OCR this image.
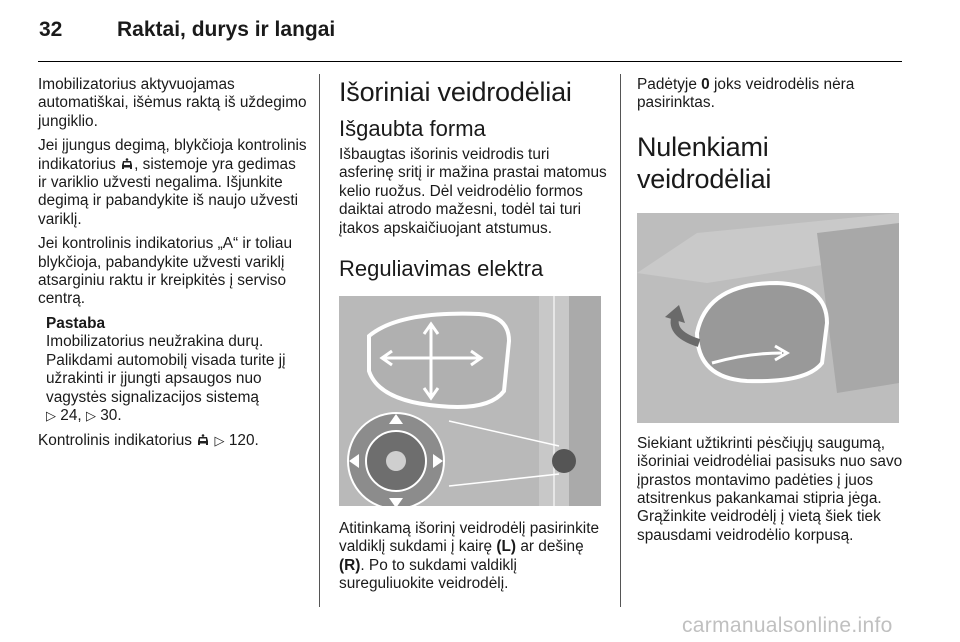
32	Raktai, durys ir langai

Imobilizatorius aktyvuojamas automatiškai, išėmus raktą iš uždegimo jungiklio.

Jei įjungus degimą, blykčioja kontrolinis indikatorius , sistemoje yra gedimas ir variklio užvesti negalima. Išjunkite degimą ir pabandykite iš naujo užvesti variklį.

Jei kontrolinis indikatorius „A“ ir toliau blykčioja, pabandykite užvesti variklį atsarginiu raktu ir kreipkitės į serviso centrą.

Pastaba

Imobilizatorius neužrakina durų. Palikdami automobilį visada turite jį užrakinti ir įjungti apsaugos nuo vagystės signalizacijos sistemą
▷ 24, ▷ 30.

Kontrolinis indikatorius  ▷ 120.

Išoriniai veidrodėliai
Išgaubta forma

Išbaugtas išorinis veidrodis turi asferinę sritį ir mažina prastai matomus kelio ruožus. Dėl veidrodėlio formos daiktai atrodo mažesni, todėl tai turi įtakos apskaičiuojant atstumus.

Reguliavimas elektra

Atitinkamą išorinį veidrodėlį pasirinkite valdiklį sukdami į kairę (L) ar dešinę (R). Po to sukdami valdiklį sureguliuokite veidrodėlį.

Padėtyje 0 joks veidrodėlis nėra pasirinktas.

Nulenkiami veidrodėliai

Siekiant užtikrinti pėsčiųjų saugumą, išoriniai veidrodėliai pasisuks nuo savo įprastos montavimo padėties į juos atsitrenkus pakankamai stipria jėga. Grąžinkite veidrodėlį į vietą šiek tiek spausdami veidrodėlio korpusą.

carmanualsonline.info
